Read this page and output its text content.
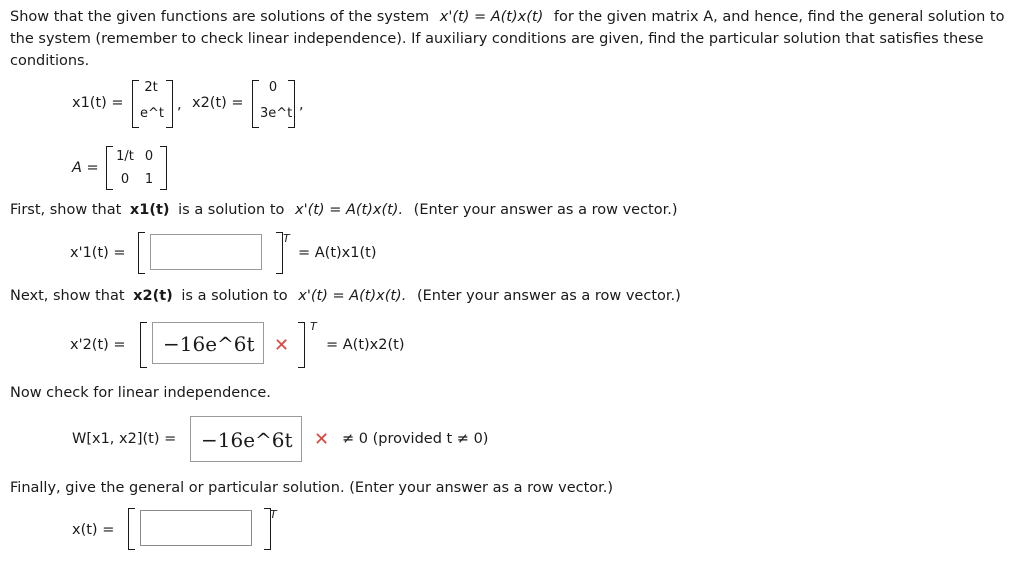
Show that the given functions are solutions of the system x'(t) = A(t)x(t) for the given matrix A, and hence, find the general solution to the system (remember to check linear independence). If auxiliary conditions are given, find the particular solution that satisfies these conditions.
x1(t) =
2t
e^t
, x2(t) =
0
3e^t
,
A =
1/t 0
0	1
First, show that x1(t) is a solution to x'(t) = A(t)x(t). (Enter your answer as a row vector.)
x'1(t) =
T
= A(t)x1(t)
Next, show that x2(t) is a solution to x'(t) = A(t)x(t). (Enter your answer as a row vector.)
x'2(t) = −16e^6t ✕
T
= A(t)x2(t)
Now check for linear independence.
W[x1, x2](t) = −16e^6t ✕ ≠ 0 (provided t ≠ 0)
Finally, give the general or particular solution. (Enter your answer as a row vector.)
x(t) =
T
